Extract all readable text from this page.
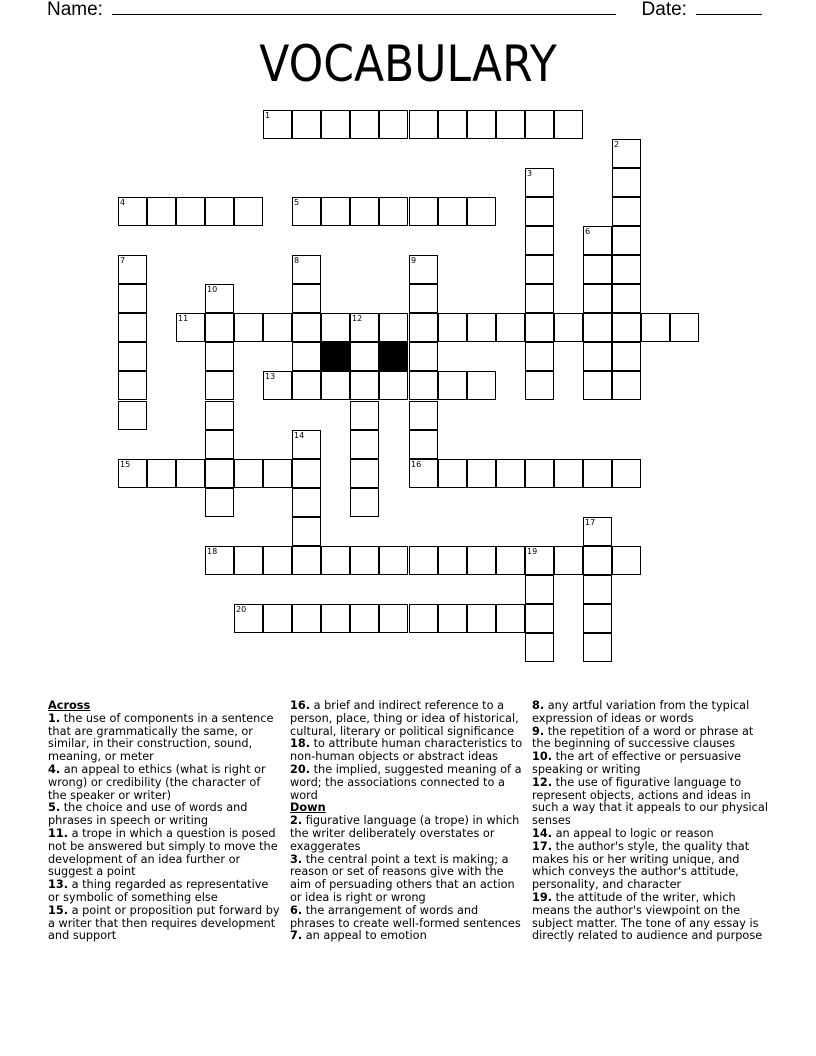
Name:	Date:
VOCABULARY
1
2
3
4	5
6
7	8	9
16
10
11	12
13
14
15
17
18	19
20
Across
1. the use of components in a sentence that are grammatically the same, or similar, in their construction, sound, meaning, or meter
4. an appeal to ethics (what is right or wrong) or credibility (the character of the speaker or writer)
5. the choice and use of words and phrases in speech or writing
11. a trope in which a question is posed not be answered but simply to move the development of an idea further or suggest a point
13. a thing regarded as representative or symbolic of something else
15. a point or proposition put forward by a writer that then requires development and support
16. a brief and indirect reference to a person, place, thing or idea of historical, cultural, literary or political significance
18. to attribute human characteristics to non-human objects or abstract ideas
20. the implied, suggested meaning of a word; the associations connected to a word
Down
2. figurative language (a trope) in which the writer deliberately overstates or exaggerates
3. the central point a text is making; a reason or set of reasons give with the aim of persuading others that an action or idea is right or wrong
6. the arrangement of words and phrases to create well-formed sentences
7. an appeal to emotion
8. any artful variation from the typical expression of ideas or words
9. the repetition of a word or phrase at the beginning of successive clauses
10. the art of effective or persuasive speaking or writing
12. the use of figurative language to represent objects, actions and ideas in such a way that it appeals to our physical senses
14. an appeal to logic or reason
17. the author's style, the quality that makes his or her writing unique, and which conveys the author's attitude, personality, and character
19. the attitude of the writer, which means the author's viewpoint on the subject matter. The tone of any essay is directly related to audience and purpose
